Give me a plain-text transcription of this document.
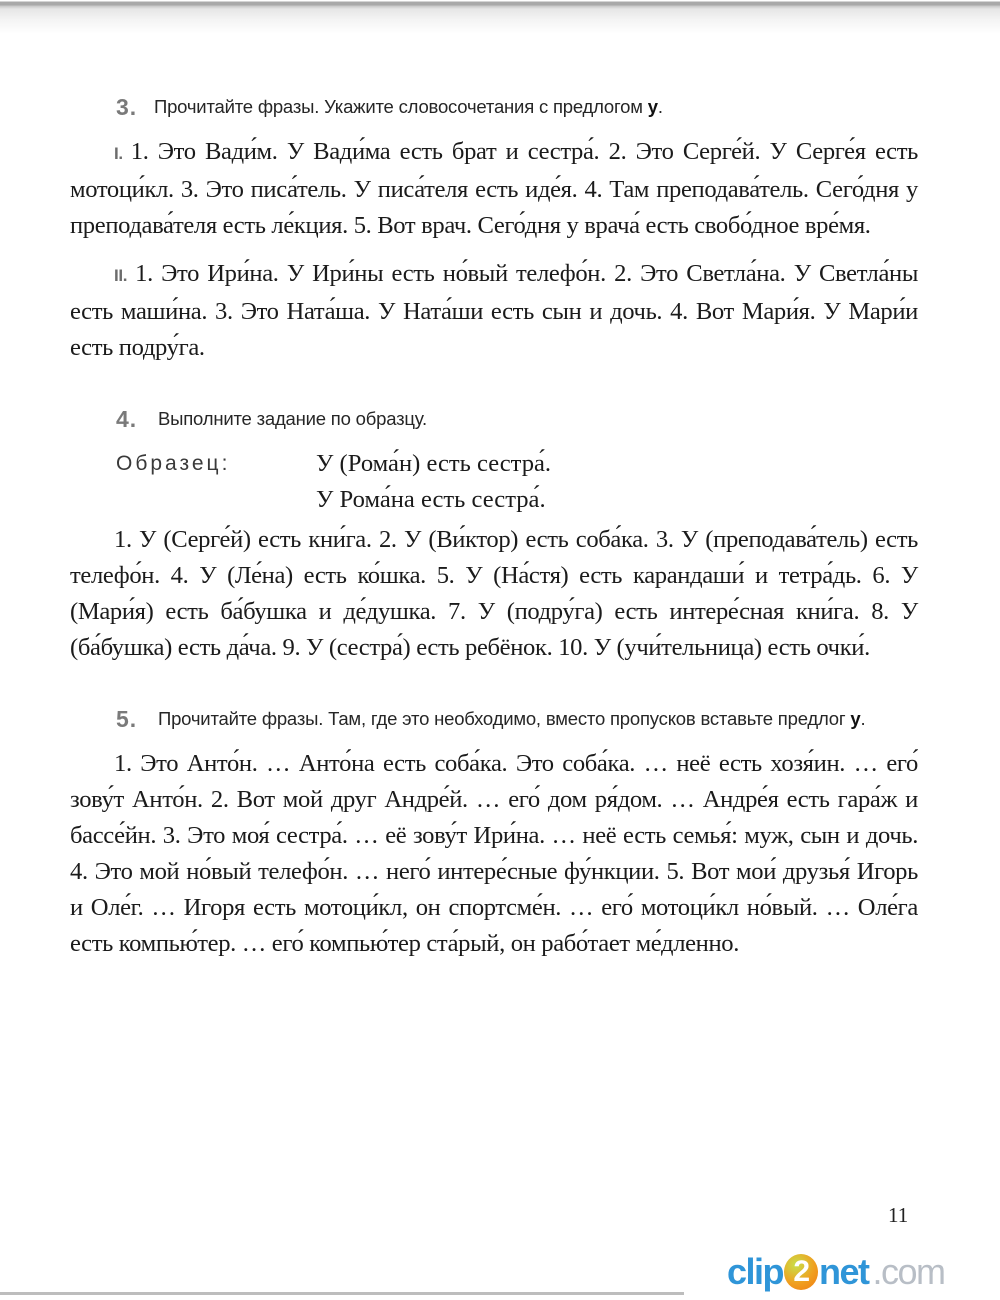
3. Прочитайте фразы. Укажите словосочетания с предлогом у.

I. 1. Это Вади́м. У Вади́ма есть брат и сестра́. 2. Это Серге́й. У Серге́я есть мотоци́кл. 3. Это писа́тель. У писа́теля есть иде́я. 4. Там преподава́тель. Сего́дня у преподава́теля есть ле́кция. 5. Вот врач. Сего́дня у врача́ есть свобо́дное вре́мя.

II. 1. Это Ири́на. У Ири́ны есть но́вый телефо́н. 2. Это Светла́на. У Светла́ны есть маши́на. 3. Это Ната́ша. У Ната́ши есть сын и дочь. 4. Вот Мари́я. У Мари́и есть подру́га.

4.	Выполните задание по образцу.
Образец:	У (Рома́н) есть сестра́.
У Рома́на есть сестра́.

1. У (Серге́й) есть кни́га. 2. У (Ви́ктор) есть соба́ка. 3. У (преподава́тель) есть телефо́н. 4. У (Ле́на) есть ко́шка. 5. У (На́стя) есть карандаши́ и тетра́дь. 6. У (Мари́я) есть ба́бушка и де́душка. 7. У (подру́га) есть интере́сная кни́га. 8. У (ба́бушка) есть да́ча. 9. У (сестра́) есть ребёнок. 10. У (учи́тельница) есть очки́.

5.	Прочитайте фразы. Там, где это необходимо, вместо пропусков вставьте предлог у.

1. Это Анто́н. … Анто́на есть соба́ка. Это соба́ка. … неё есть хозя́ин. … его́ зову́т Анто́н. 2. Вот мой друг Андре́й. … его́ дом ря́дом. … Андре́я есть гара́ж и бассе́йн. 3. Это моя́ сестра́. … её зову́т Ири́на. … неё есть семья́: муж, сын и дочь. 4. Это мой но́вый телефо́н. … него́ интере́сные фу́нкции. 5. Вот мои́ друзья́ Игорь и Оле́г. … Игоря есть мотоци́кл, он спортсме́н. … его́ мотоци́кл но́вый. … Оле́га есть компью́тер. … его́ компью́тер ста́рый, он рабо́тает ме́дленно.

11
clip 2 net .com
